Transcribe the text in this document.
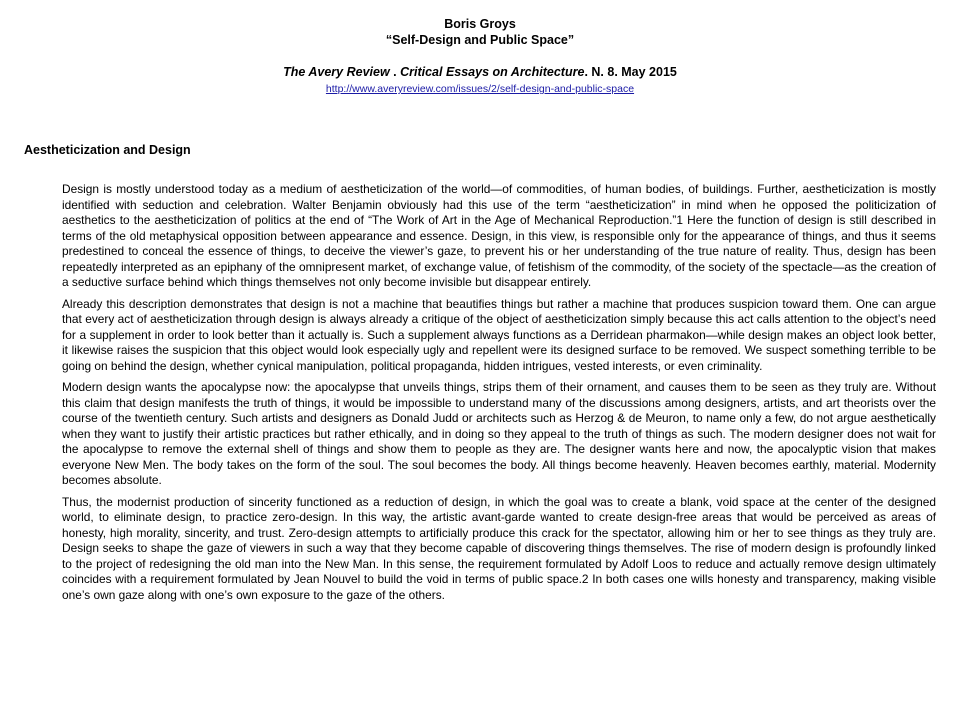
Boris Groys
“Self-Design and Public Space”
The Avery Review . Critical Essays on Architecture. N. 8. May 2015
http://www.averyreview.com/issues/2/self-design-and-public-space
Aestheticization and Design

Design is mostly understood today as a medium of aestheticization of the world—of commodities, of human bodies, of buildings. Further, aestheticization is mostly identified with seduction and celebration. Walter Benjamin obviously had this use of the term “aestheticization” in mind when he opposed the politicization of aesthetics to the aestheticization of politics at the end of “The Work of Art in the Age of Mechanical Reproduction.”1 Here the function of design is still described in terms of the old metaphysical opposition between appearance and essence. Design, in this view, is responsible only for the appearance of things, and thus it seems predestined to conceal the essence of things, to deceive the viewer’s gaze, to prevent his or her understanding of the true nature of reality. Thus, design has been repeatedly interpreted as an epiphany of the omnipresent market, of exchange value, of fetishism of the commodity, of the society of the spectacle—as the creation of a seductive surface behind which things themselves not only become invisible but disappear entirely.

Already this description demonstrates that design is not a machine that beautifies things but rather a machine that produces suspicion toward them. One can argue that every act of aestheticization through design is always already a critique of the object of aestheticization simply because this act calls attention to the object’s need for a supplement in order to look better than it actually is. Such a supplement always functions as a Derridean pharmakon—while design makes an object look better, it likewise raises the suspicion that this object would look especially ugly and repellent were its designed surface to be removed. We suspect something terrible to be going on behind the design, whether cynical manipulation, political propaganda, hidden intrigues, vested interests, or even criminality.

Modern design wants the apocalypse now: the apocalypse that unveils things, strips them of their ornament, and causes them to be seen as they truly are. Without this claim that design manifests the truth of things, it would be impossible to understand many of the discussions among designers, artists, and art theorists over the course of the twentieth century. Such artists and designers as Donald Judd or architects such as Herzog & de Meuron, to name only a few, do not argue aesthetically when they want to justify their artistic practices but rather ethically, and in doing so they appeal to the truth of things as such. The modern designer does not wait for the apocalypse to remove the external shell of things and show them to people as they are. The designer wants here and now, the apocalyptic vision that makes everyone New Men. The body takes on the form of the soul. The soul becomes the body. All things become heavenly. Heaven becomes earthly, material. Modernity becomes absolute.

Thus, the modernist production of sincerity functioned as a reduction of design, in which the goal was to create a blank, void space at the center of the designed world, to eliminate design, to practice zero-design. In this way, the artistic avant-garde wanted to create design-free areas that would be perceived as areas of honesty, high morality, sincerity, and trust. Zero-design attempts to artificially produce this crack for the spectator, allowing him or her to see things as they truly are. Design seeks to shape the gaze of viewers in such a way that they become capable of discovering things themselves. The rise of modern design is profoundly linked to the project of redesigning the old man into the New Man. In this sense, the requirement formulated by Adolf Loos to reduce and actually remove design ultimately coincides with a requirement formulated by Jean Nouvel to build the void in terms of public space.2 In both cases one wills honesty and transparency, making visible one’s own gaze along with one’s own exposure to the gaze of the others.
